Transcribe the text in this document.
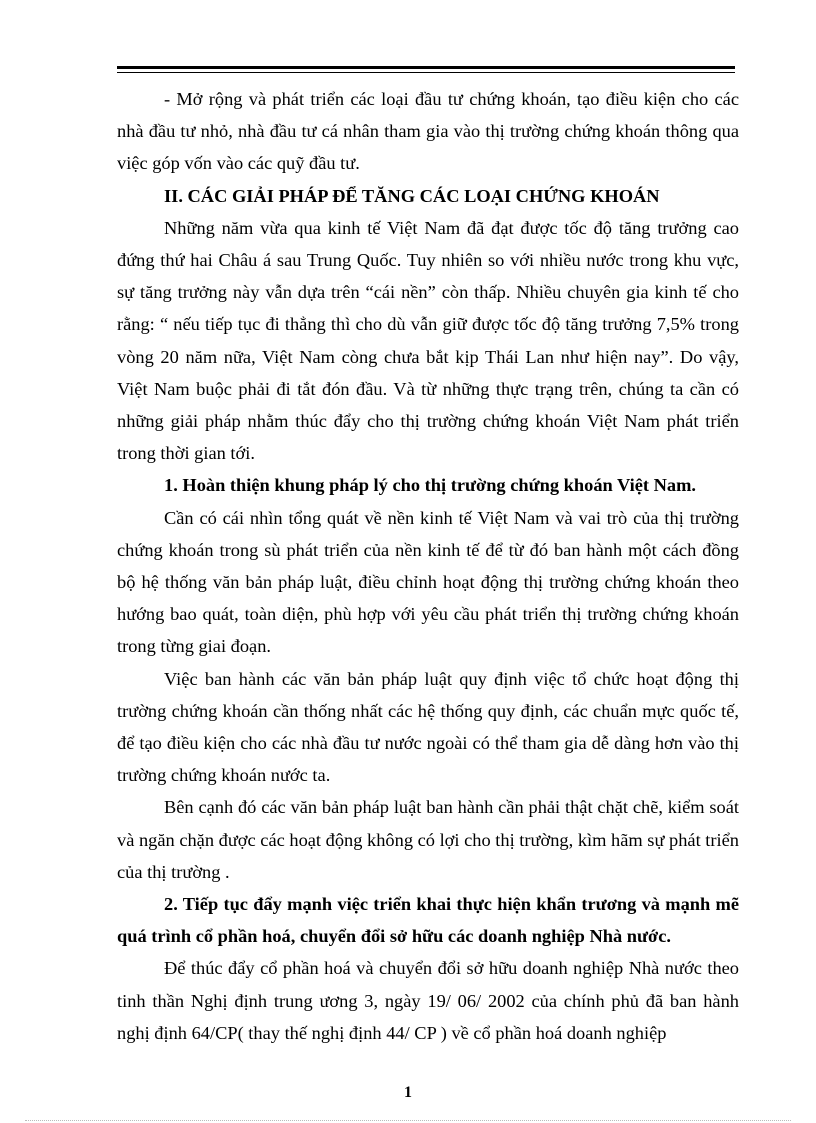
- Mở rộng và phát triển các loại đầu tư chứng khoán, tạo điều kiện cho các nhà đầu tư nhỏ, nhà đầu tư cá nhân tham gia vào thị trường chứng khoán thông qua việc góp vốn vào các quỹ đầu tư.

II. CÁC GIẢI PHÁP ĐỂ TĂNG CÁC LOẠI CHỨNG KHOÁN

Những năm vừa qua kinh tế Việt Nam đã đạt được tốc độ tăng trưởng cao đứng thứ hai Châu á sau Trung Quốc. Tuy nhiên so với nhiều nước trong khu vực, sự tăng trưởng này vẫn dựa trên “cái nền” còn thấp. Nhiều chuyên gia kinh tế cho rằng: “ nếu tiếp tục đi thẳng thì cho dù vẫn giữ được tốc độ tăng trưởng 7,5% trong vòng 20 năm nữa, Việt Nam còng chưa bắt kịp Thái Lan như hiện nay”. Do vậy, Việt Nam buộc phải đi tắt đón đầu. Và từ những thực trạng trên, chúng ta cần có những giải pháp nhằm thúc đẩy cho thị trường chứng khoán Việt Nam phát triển trong thời gian tới.

1. Hoàn thiện khung pháp lý cho thị trường chứng khoán Việt Nam.

Cần có cái nhìn tổng quát về nền kinh tế Việt Nam và vai trò của thị trường chứng khoán trong sù phát triển của nền kinh tế để từ đó ban hành một cách đồng bộ hệ thống văn bản pháp luật, điều chỉnh hoạt động thị trường chứng khoán theo hướng bao quát, toàn diện, phù hợp với yêu cầu phát triển thị trường chứng khoán trong từng giai đoạn.

Việc ban hành các văn bản pháp luật quy định việc tổ chức hoạt động thị trường chứng khoán cần thống nhất các hệ thống quy định, các chuẩn mực quốc tế, để tạo điều kiện cho các nhà đầu tư nước ngoài có thể tham gia dễ dàng hơn vào thị trường chứng khoán nước ta.

Bên cạnh đó các văn bản pháp luật ban hành cần phải thật chặt chẽ, kiểm soát và ngăn chặn được các hoạt động không có lợi cho thị trường, kìm hãm sự phát triển của thị trường .

2. Tiếp tục đẩy mạnh việc triển khai thực hiện khẩn trương và mạnh mẽ quá trình cổ phần hoá, chuyển đổi sở hữu các doanh nghiệp Nhà nước.

Để thúc đẩy cổ phần hoá và chuyển đổi sở hữu doanh nghiệp Nhà nước theo tinh thần Nghị định trung ương 3, ngày 19/ 06/ 2002 của chính phủ đã ban hành nghị định 64/CP( thay thế nghị định 44/ CP ) về cổ phần hoá doanh nghiệp

1
